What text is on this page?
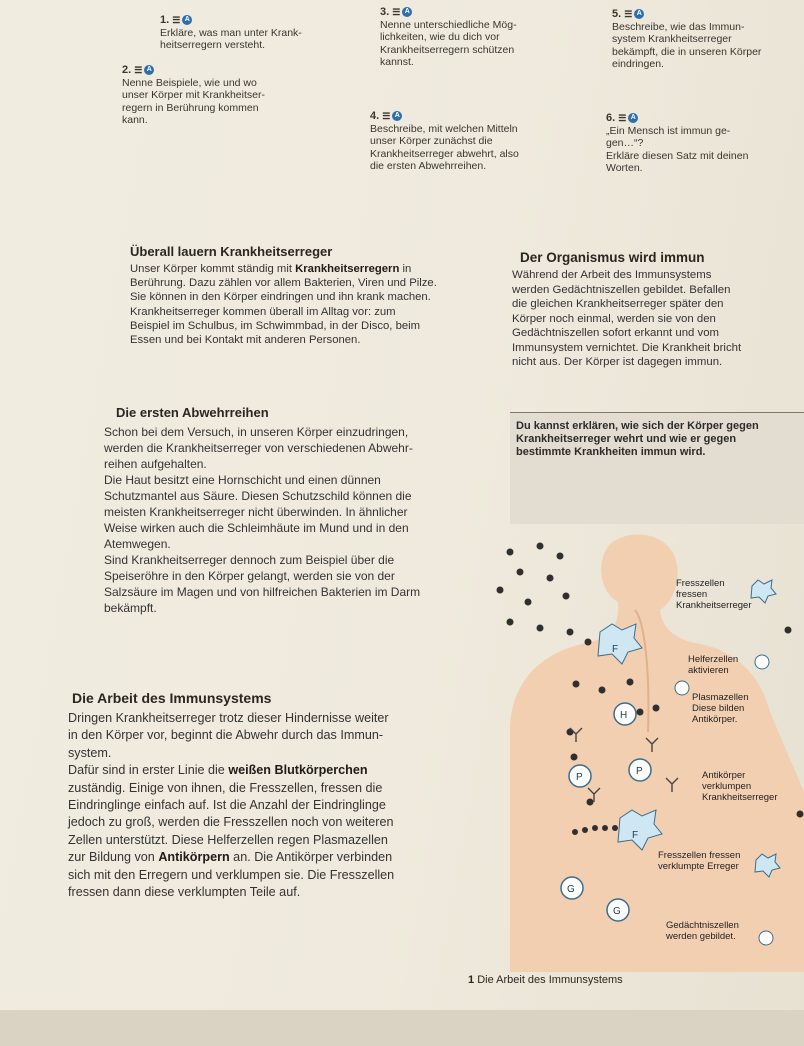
1. ☰ A
Erkläre, was man unter Krank-
heitserregern versteht.
2. ☰ A
Nenne Beispiele, wie und wo
unser Körper mit Krankheitser-
regern in Berührung kommen
kann.
3. ☰ A
Nenne unterschiedliche Mög-
lichkeiten, wie du dich vor
Krankheitserregern schützen
kannst.
4. ☰ A
Beschreibe, mit welchen Mitteln
unser Körper zunächst die
Krankheitserreger abwehrt, also
die ersten Abwehrreihen.
5. ☰ A
Beschreibe, wie das Immun-
system Krankheitserreger
bekämpft, die in unseren Körper
eindringen.
6. ☰ A
„Ein Mensch ist immun ge-
gen…“?
Erkläre diesen Satz mit deinen
Worten.
Überall lauern Krankheitserreger

Unser Körper kommt ständig mit Krankheitserregern in
Berührung. Dazu zählen vor allem Bakterien, Viren und Pilze.
Sie können in den Körper eindringen und ihn krank machen.
Krankheitserreger kommen überall im Alltag vor: zum
Beispiel im Schulbus, im Schwimmbad, in der Disco, beim
Essen und bei Kontakt mit anderen Personen.

Die ersten Abwehrreihen

Schon bei dem Versuch, in unseren Körper einzudringen,
werden die Krankheitserreger von verschiedenen Abwehr-
reihen aufgehalten.
Die Haut besitzt eine Hornschicht und einen dünnen
Schutzmantel aus Säure. Diesen Schutzschild können die
meisten Krankheitserreger nicht überwinden. In ähnlicher
Weise wirken auch die Schleimhäute im Mund und in den
Atemwegen.
Sind Krankheitserreger dennoch zum Beispiel über die
Speiseröhre in den Körper gelangt, werden sie von der
Salzsäure im Magen und von hilfreichen Bakterien im Darm
bekämpft.

Die Arbeit des Immunsystems

Dringen Krankheitserreger trotz dieser Hindernisse weiter
in den Körper vor, beginnt die Abwehr durch das Immun-
system.
Dafür sind in erster Linie die weißen Blutkörperchen
zuständig. Einige von ihnen, die Fresszellen, fressen die
Eindringlinge einfach auf. Ist die Anzahl der Eindringlinge
jedoch zu groß, werden die Fresszellen noch von weiteren
Zellen unterstützt. Diese Helferzellen regen Plasmazellen
zur Bildung von Antikörpern an. Die Antikörper verbinden
sich mit den Erregern und verklumpen sie. Die Fresszellen
fressen dann diese verklumpten Teile auf.

Der Organismus wird immun

Während der Arbeit des Immunsystems
werden Gedächtniszellen gebildet. Befallen
die gleichen Krankheitserreger später den
Körper noch einmal, werden sie von den
Gedächtniszellen sofort erkannt und vom
Immunsystem vernichtet. Die Krankheit bricht
nicht aus. Der Körper ist dagegen immun.

Du kannst erklären, wie sich der Körper gegen
Krankheitserreger wehrt und wie er gegen
bestimmte Krankheiten immun wird.

F
H
P
P
F
G
G
Fresszellen
fressen
Krankheitserreger
Helferzellen
aktivieren
Plasmazellen
Diese bilden
Antikörper.
Antikörper
verklumpen
Krankheitserreger
Fresszellen fressen
verklumpte Erreger
Gedächtniszellen
werden gebildet.
1 Die Arbeit des Immunsystems
